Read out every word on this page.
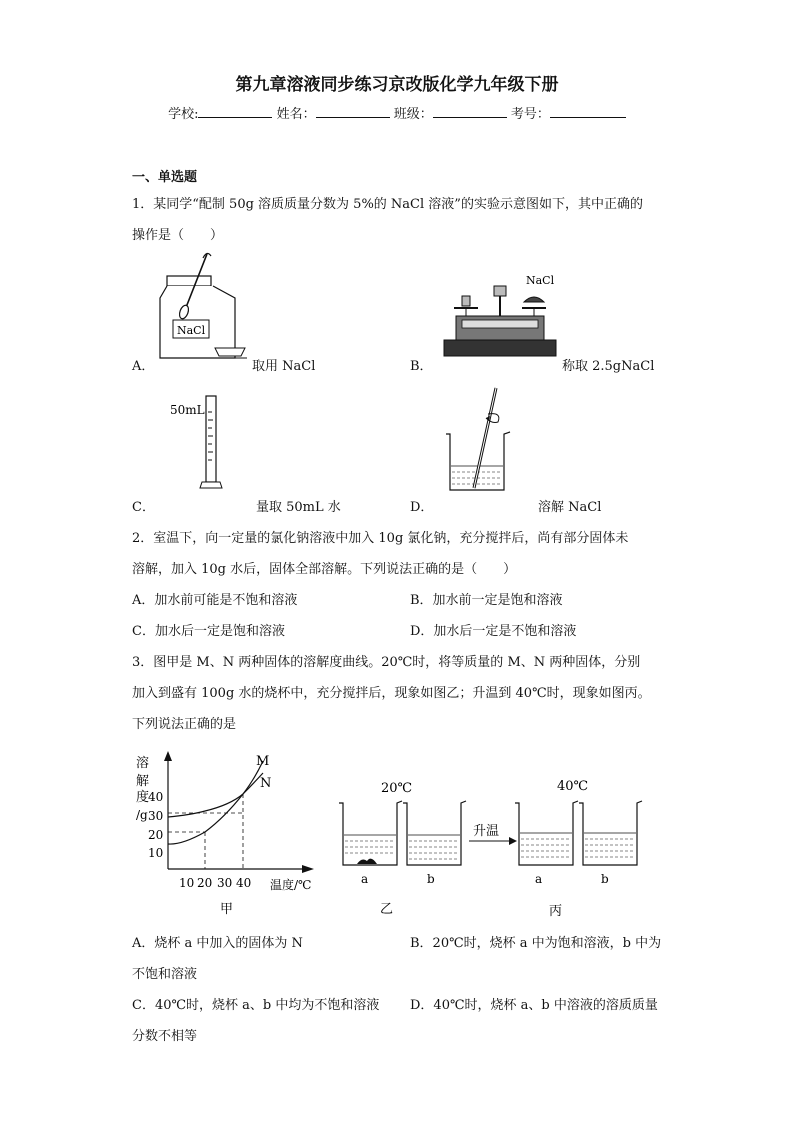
第九章溶液同步练习京改版化学九年级下册
学校:	姓名：	班级：	考号：
一、单选题
1．某同学“配制 50g 溶质质量分数为 5%的 NaCl 溶液”的实验示意图如下，其中正确的
操作是（　　）
NaCl
A．	取用 NaCl
NaCl
B．	称取 2.5gNaCl
50mL
C．	量取 50mL 水	D．	溶解 NaCl
2．室温下，向一定量的氯化钠溶液中加入 10g 氯化钠，充分搅拌后，尚有部分固体未
溶解，加入 10g 水后，固体全部溶解。下列说法正确的是（　　）
A．加水前可能是不饱和溶液	B．加水前一定是饱和溶液
C．加水后一定是饱和溶液	D．加水后一定是不饱和溶液
3．图甲是 M、N 两种固体的溶解度曲线。20℃时，将等质量的 M、N 两种固体，分别
加入到盛有 100g 水的烧杯中，充分搅拌后，现象如图乙；升温到 40℃时，现象如图丙。
下列说法正确的是
溶
解
度
/g
40
30
20
10
10 20 30 40 温度/℃
M
N
甲
20℃	40℃
a	b
升温
a	b
乙	丙
A．烧杯 a 中加入的固体为 N	B．20℃时，烧杯 a 中为饱和溶液，b 中为
不饱和溶液
C．40℃时，烧杯 a、b 中均为不饱和溶液 D．40℃时，烧杯 a、b 中溶液的溶质质量
分数不相等
